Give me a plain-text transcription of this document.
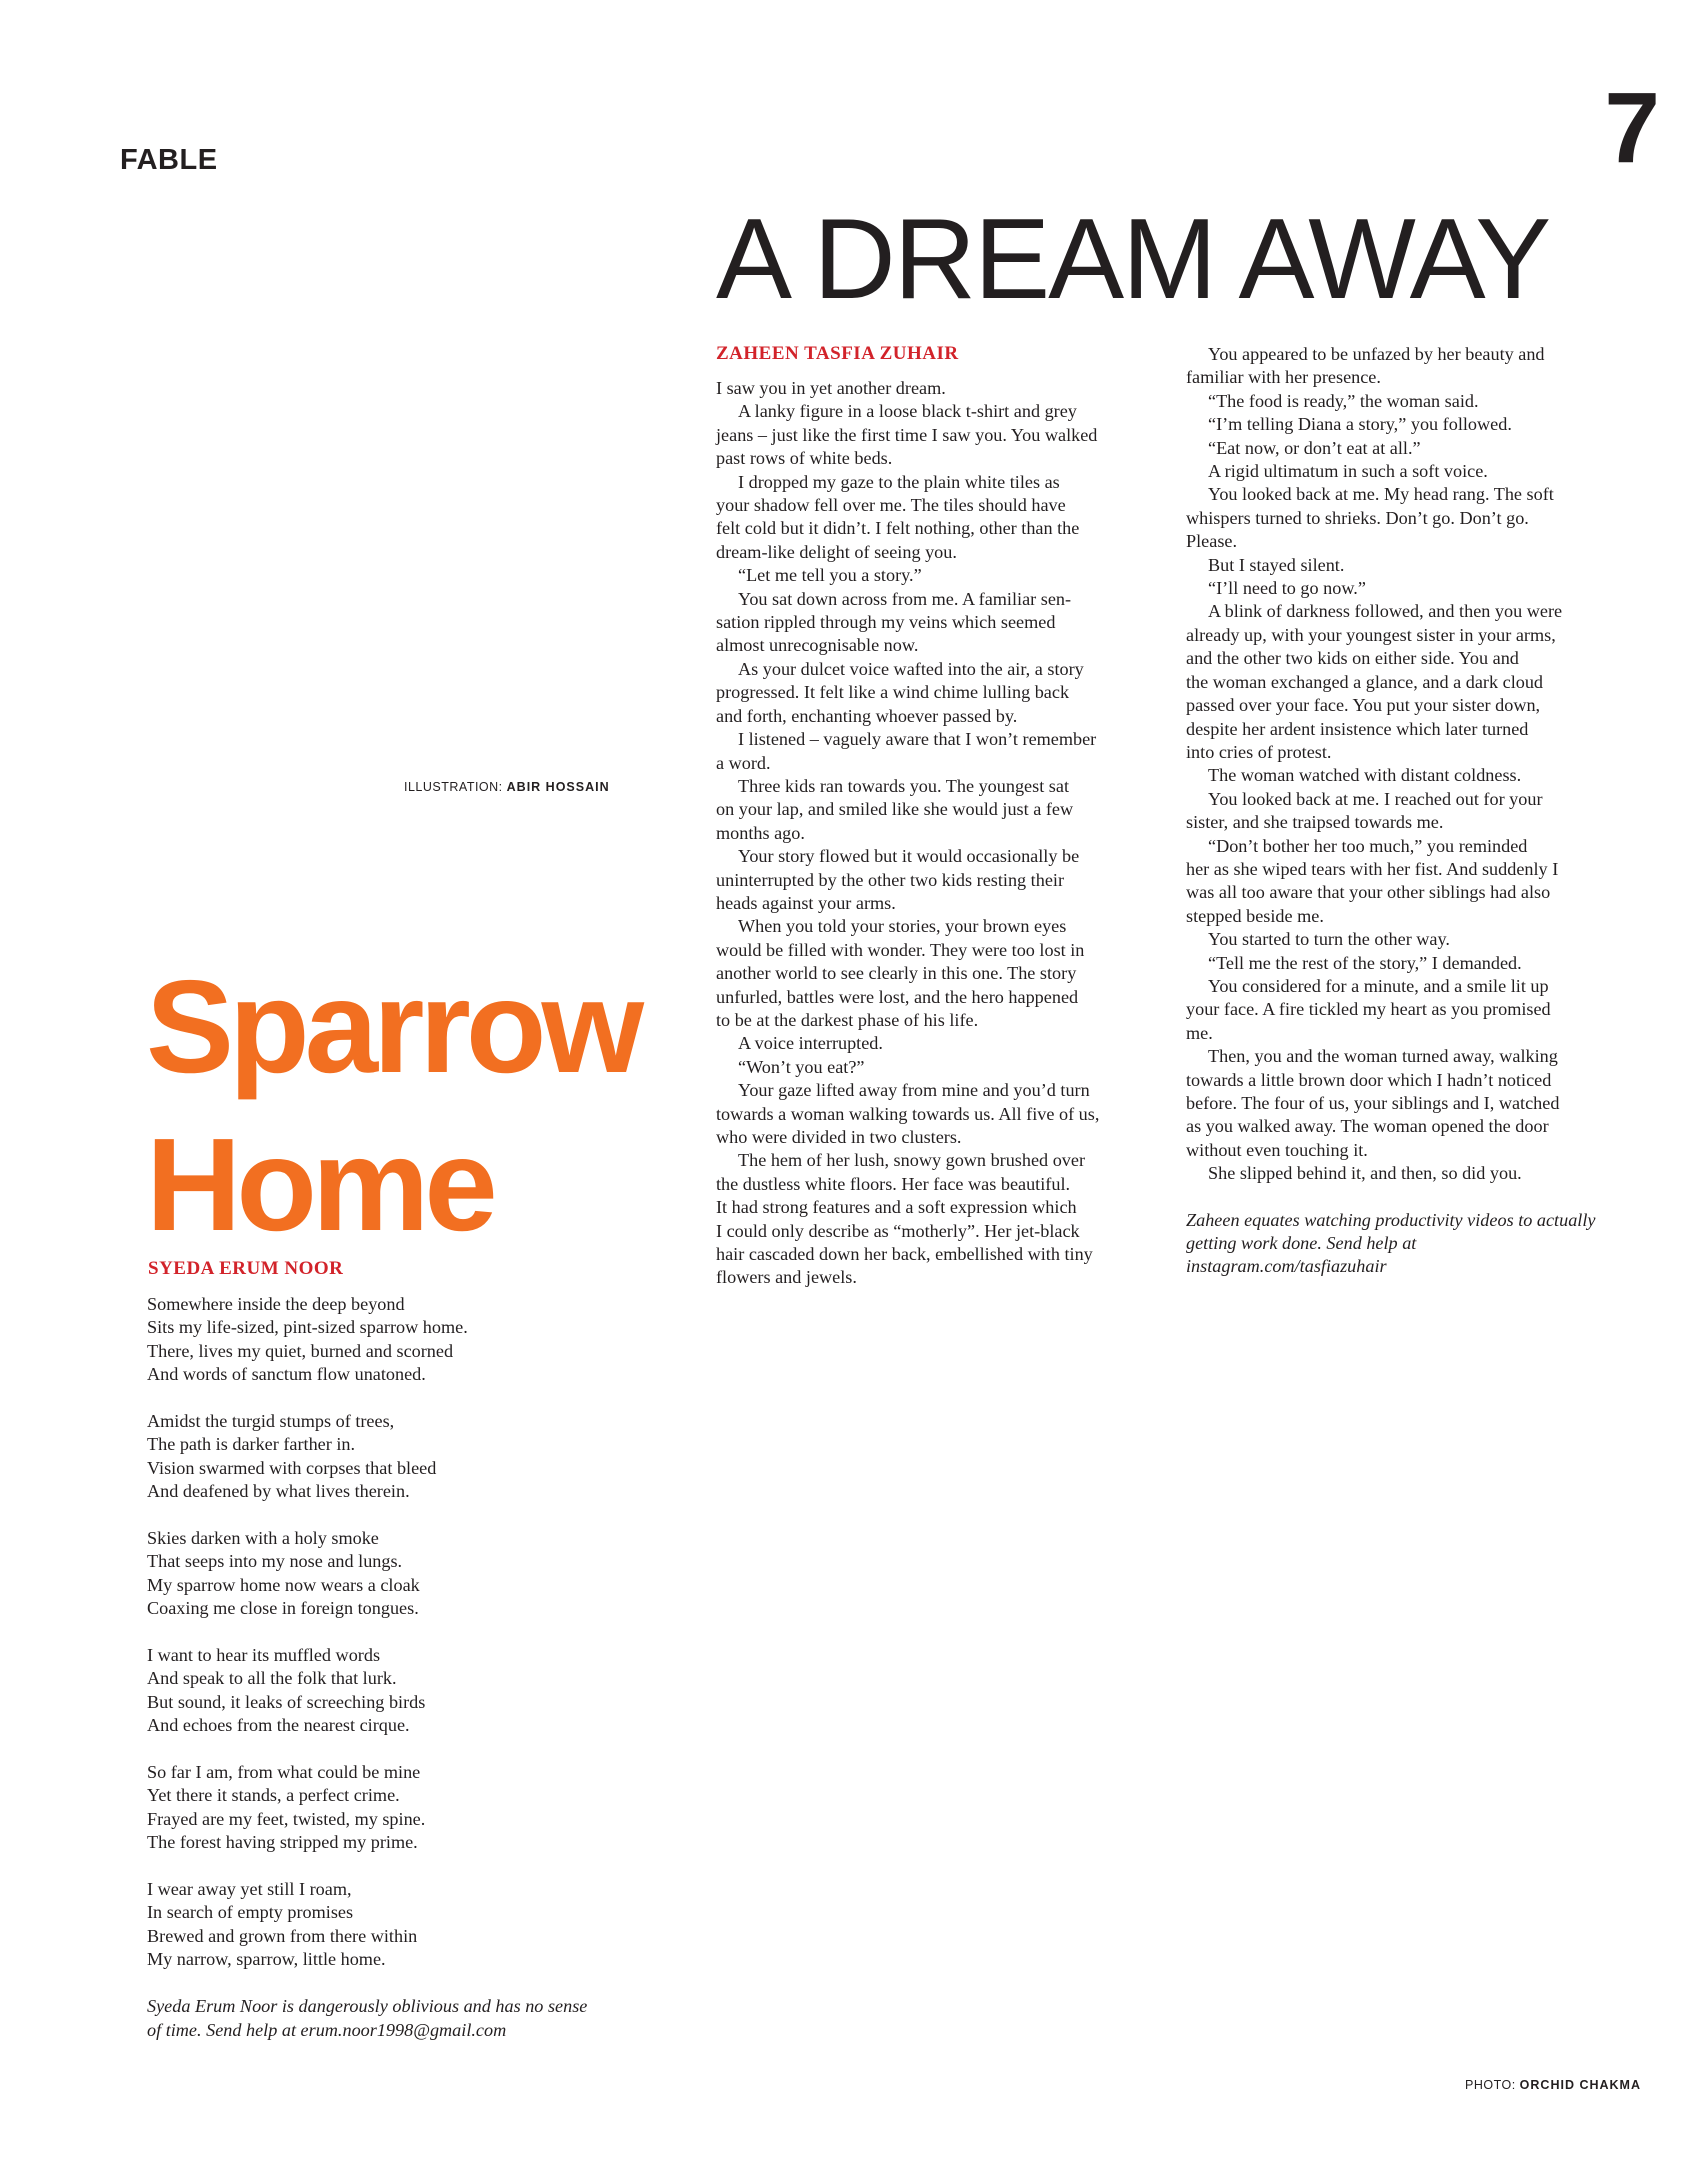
FABLE	7
A DREAM AWAY
ILLUSTRATION: ABIR HOSSAIN
Sparrow
Home
SYEDA ERUM NOOR
Somewhere inside the deep beyond
Sits my life-sized, pint-sized sparrow home.
There, lives my quiet, burned and scorned
And words of sanctum flow unatoned.
Amidst the turgid stumps of trees,
The path is darker farther in.
Vision swarmed with corpses that bleed
And deafened by what lives therein.
Skies darken with a holy smoke
That seeps into my nose and lungs.
My sparrow home now wears a cloak
Coaxing me close in foreign tongues.
I want to hear its muffled words
And speak to all the folk that lurk.
But sound, it leaks of screeching birds
And echoes from the nearest cirque.
So far I am, from what could be mine
Yet there it stands, a perfect crime.
Frayed are my feet, twisted, my spine.
The forest having stripped my prime.
I wear away yet still I roam,
In search of empty promises
Brewed and grown from there within
My narrow, sparrow, little home.
Syeda Erum Noor is dangerously oblivious and has no sense
of time. Send help at erum.noor1998@gmail.com
ZAHEEN TASFIA ZUHAIR

I saw you in yet another dream.

A lanky figure in a loose black t-shirt and grey

jeans – just like the first time I saw you. You walked

past rows of white beds.

I dropped my gaze to the plain white tiles as

your shadow fell over me. The tiles should have

felt cold but it didn’t. I felt nothing, other than the

dream-like delight of seeing you.

“Let me tell you a story.”

You sat down across from me. A familiar sen-

sation rippled through my veins which seemed

almost unrecognisable now.

As your dulcet voice wafted into the air, a story

progressed. It felt like a wind chime lulling back

and forth, enchanting whoever passed by.

I listened – vaguely aware that I won’t remember

a word.

Three kids ran towards you. The youngest sat

on your lap, and smiled like she would just a few

months ago.

Your story flowed but it would occasionally be

uninterrupted by the other two kids resting their

heads against your arms.

When you told your stories, your brown eyes

would be filled with wonder. They were too lost in

another world to see clearly in this one. The story

unfurled, battles were lost, and the hero happened

to be at the darkest phase of his life.

A voice interrupted.

“Won’t you eat?”

Your gaze lifted away from mine and you’d turn

towards a woman walking towards us. All five of us,

who were divided in two clusters.

The hem of her lush, snowy gown brushed over

the dustless white floors. Her face was beautiful.

It had strong features and a soft expression which

I could only describe as “motherly”. Her jet-black

hair cascaded down her back, embellished with tiny

flowers and jewels.

You appeared to be unfazed by her beauty and

familiar with her presence.

“The food is ready,” the woman said.

“I’m telling Diana a story,” you followed.

“Eat now, or don’t eat at all.”

A rigid ultimatum in such a soft voice.

You looked back at me. My head rang. The soft

whispers turned to shrieks. Don’t go. Don’t go.

Please.

But I stayed silent.

“I’ll need to go now.”

A blink of darkness followed, and then you were

already up, with your youngest sister in your arms,

and the other two kids on either side. You and

the woman exchanged a glance, and a dark cloud

passed over your face. You put your sister down,

despite her ardent insistence which later turned

into cries of protest.

The woman watched with distant coldness.

You looked back at me. I reached out for your

sister, and she traipsed towards me.

“Don’t bother her too much,” you reminded

her as she wiped tears with her fist. And suddenly I

was all too aware that your other siblings had also

stepped beside me.

You started to turn the other way.

“Tell me the rest of the story,” I demanded.

You considered for a minute, and a smile lit up

your face. A fire tickled my heart as you promised

me.

Then, you and the woman turned away, walking

towards a little brown door which I hadn’t noticed

before. The four of us, your siblings and I, watched

as you walked away. The woman opened the door

without even touching it.

She slipped behind it, and then, so did you.

Zaheen equates watching productivity videos to actually

getting work done. Send help at

instagram.com/tasfiazuhair

PHOTO: ORCHID CHAKMA
